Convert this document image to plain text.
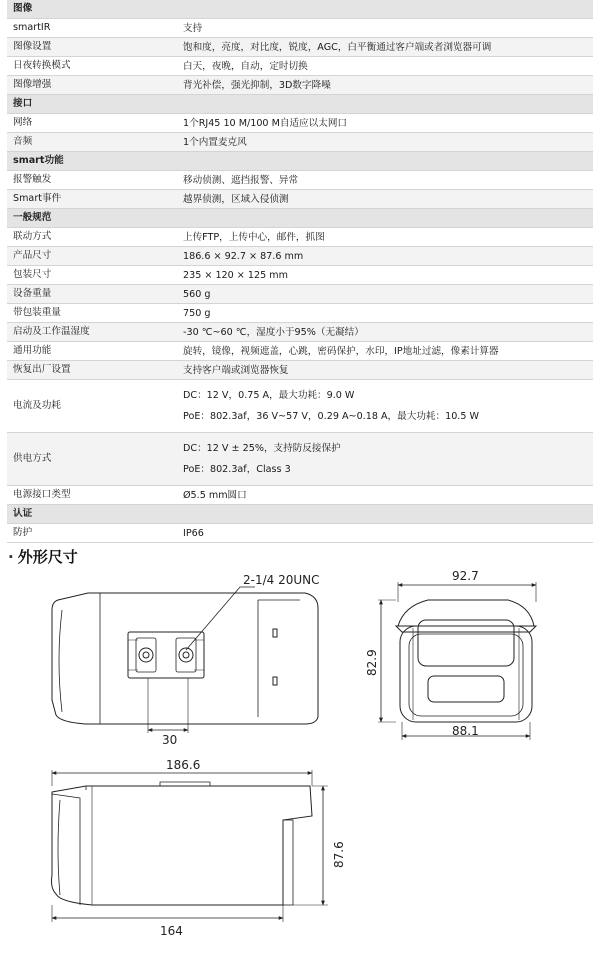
图像	
smartIR	支持

图像设置	饱和度，亮度，对比度，锐度，AGC，白平衡通过客户端或者浏览器可调

日夜转换模式	白天，夜晚，自动，定时切换

图像增强	背光补偿，强光抑制，3D数字降噪

接口	
网络	1个RJ45 10 M/100 M自适应以太网口

音频	1个内置麦克风

smart功能	
报警触发	移动侦测、遮挡报警、异常

Smart事件	越界侦测，区域入侵侦测

一般规范	
联动方式	上传FTP，上传中心，邮件，抓图

产品尺寸	186.6 × 92.7 × 87.6 mm

包装尺寸	235 × 120 × 125 mm

设备重量	560 g

带包装重量	750 g

启动及工作温湿度	-30 ℃~60 ℃，湿度小于95%（无凝结）

通用功能	旋转，镜像，视频遮盖，心跳，密码保护，水印，IP地址过滤，像素计算器

恢复出厂设置	支持客户端或浏览器恢复

电流及功耗	DC：12 V，0.75 A，最大功耗：9.0 W
PoE：802.3af，36 V~57 V，0.29 A~0.18 A，最大功耗：10.5 W

供电方式	DC：12 V ± 25%，支持防反接保护
PoE：802.3af，Class 3

电源接口类型	Ø5.5 mm圆口

认证	
防护	IP66
· 外形尺寸
2-1/4 20UNC
30
92.7
82.9
88.1
186.6
87.6
164
